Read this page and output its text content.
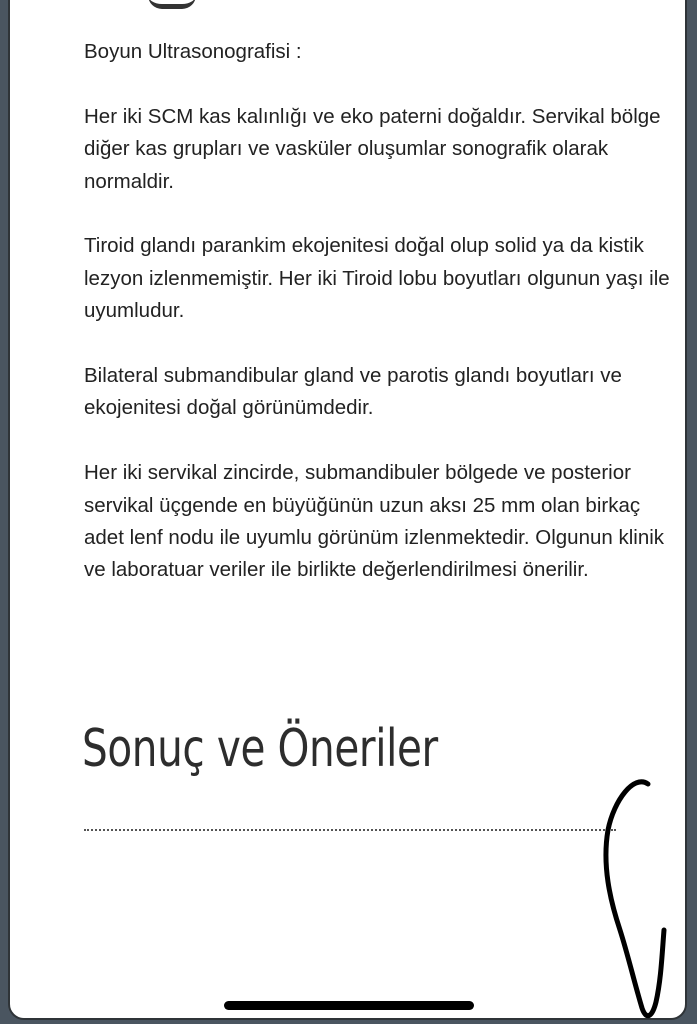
Boyun Ultrasonografisi :

Her iki SCM kas kalınlığı ve eko paterni doğaldır. Servikal bölge diğer kas grupları ve vasküler oluşumlar sonografik olarak normaldir.

Tiroid glandı parankim ekojenitesi doğal olup solid ya da kistik lezyon izlenmemiştir. Her iki Tiroid lobu boyutları olgunun yaşı ile uyumludur.

Bilateral submandibular gland ve parotis glandı boyutları ve ekojenitesi doğal görünümdedir.

Her iki servikal zincirde, submandibuler bölgede ve posterior servikal üçgende en büyüğünün uzun aksı 25 mm olan birkaç adet lenf nodu ile uyumlu görünüm izlenmektedir. Olgunun klinik ve laboratuar veriler ile birlikte değerlendirilmesi önerilir.

Sonuç ve Öneriler
